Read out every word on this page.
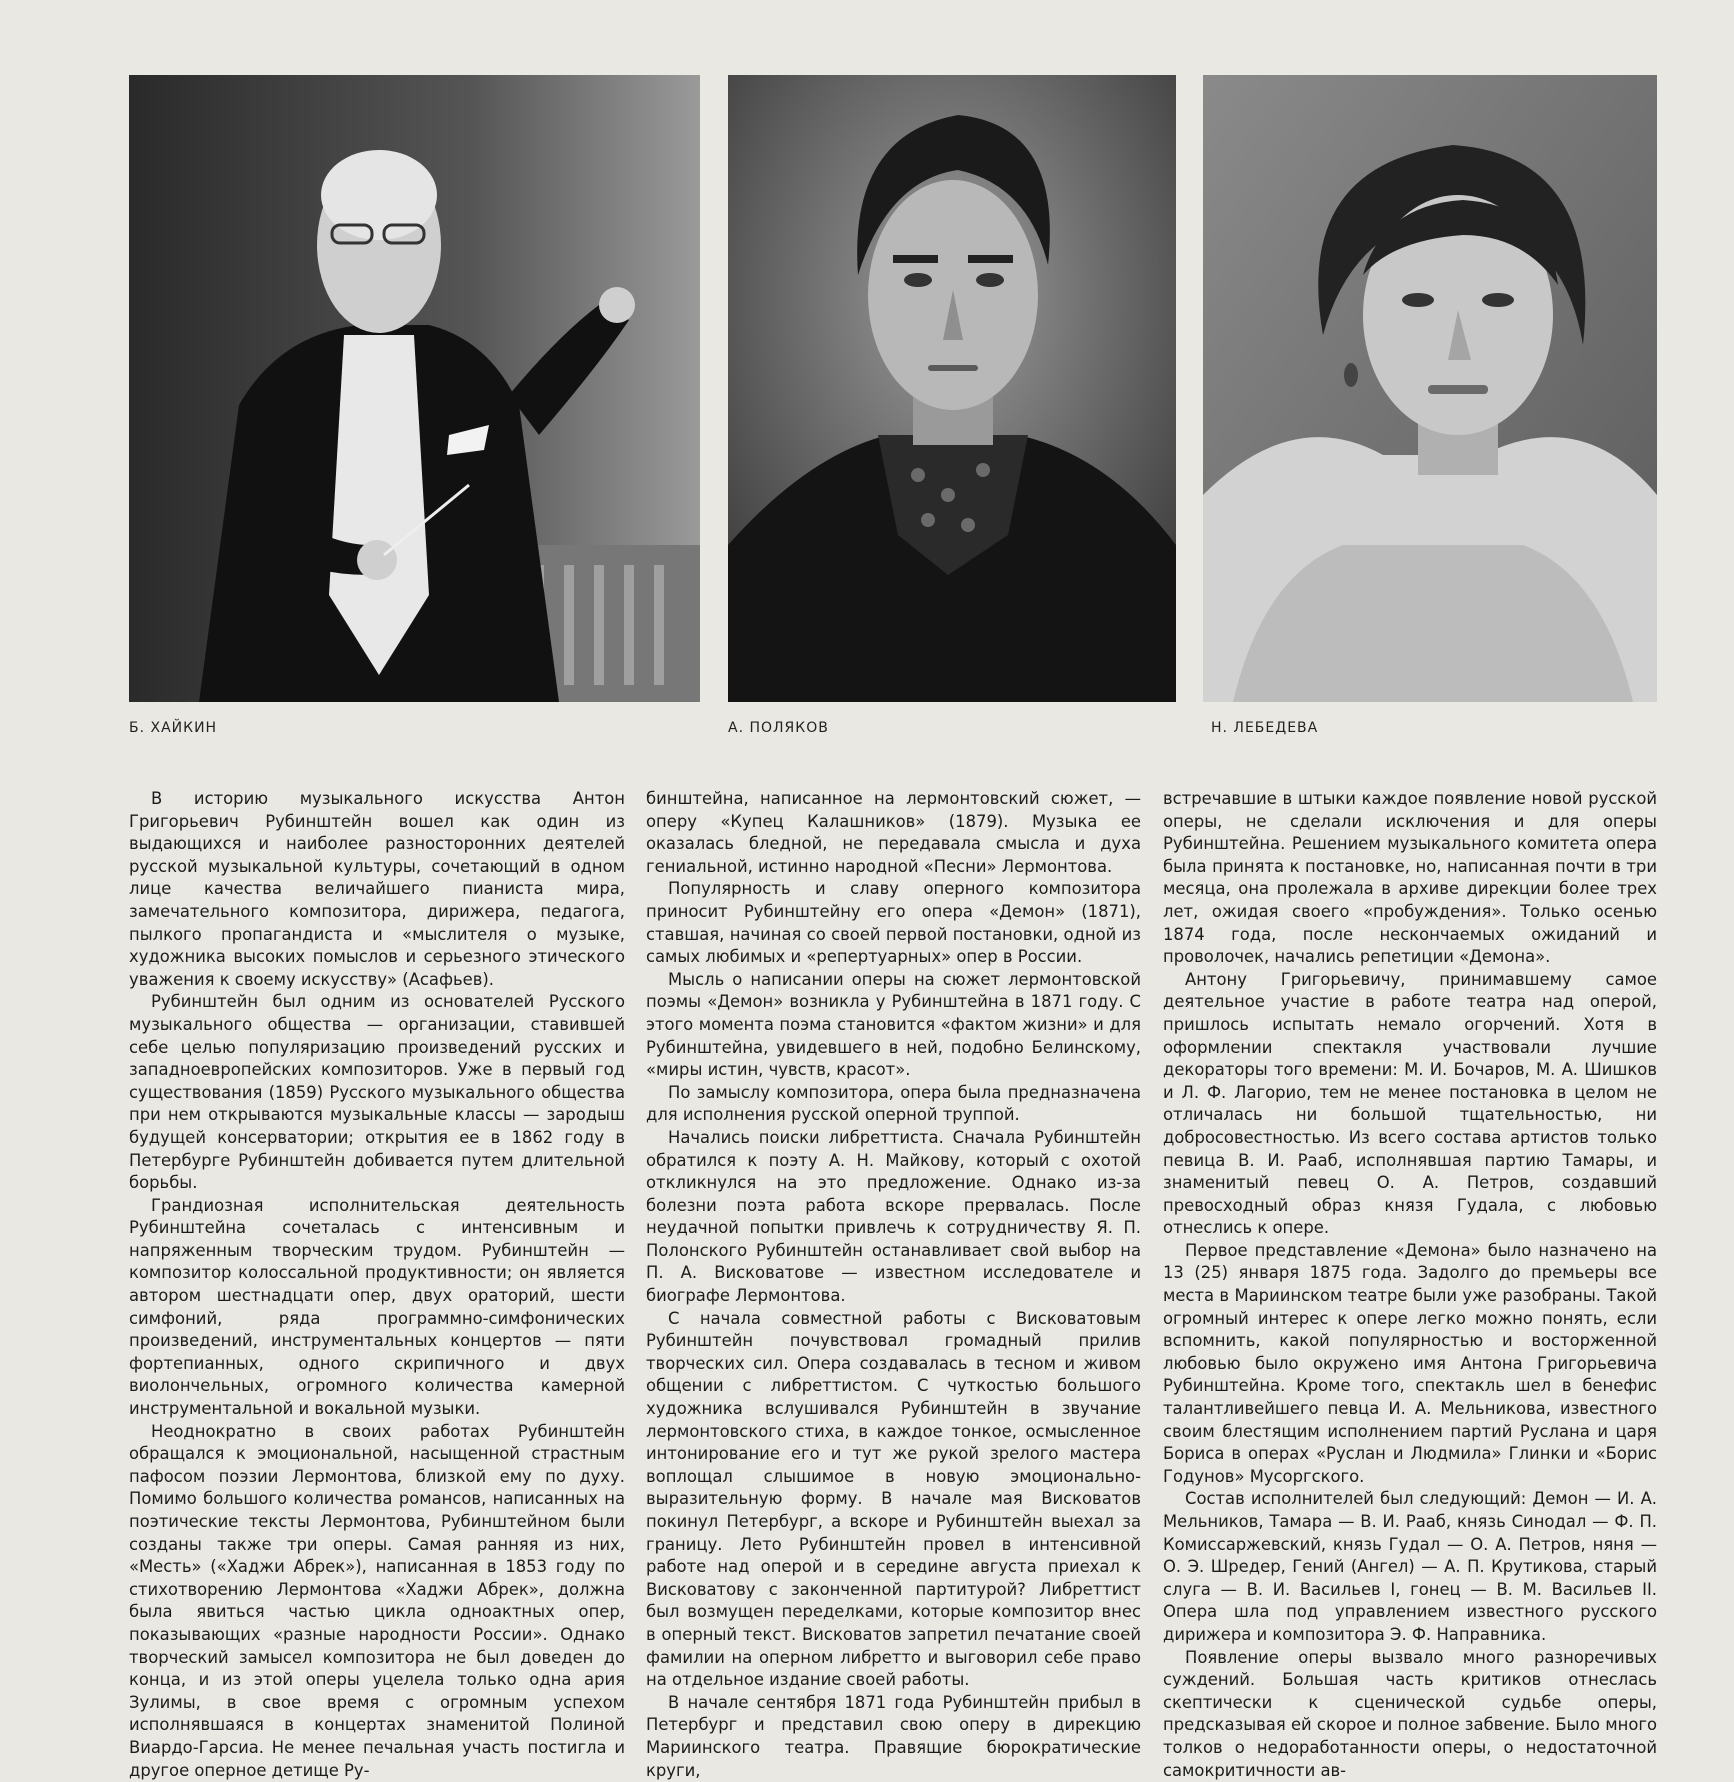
Б. ХАЙКИН	А. ПОЛЯКОВ	Н. ЛЕБЕДЕВА

В историю музыкального искусства Антон Григорьевич Рубинштейн вошел как один из выдающихся и наиболее разносторонних деятелей русской музыкальной культуры, сочетающий в одном лице качества величайшего пианиста мира, замечательного композитора, дирижера, педагога, пылкого пропагандиста и «мыслителя о музыке, художника высоких помыслов и серьезного этического уважения к своему искусству» (Асафьев).

Рубинштейн был одним из основателей Русского музыкального общества — организации, ставившей себе целью популяризацию произведений русских и западноевропейских композиторов. Уже в первый год существования (1859) Русского музыкального общества при нем открываются музыкальные классы — зародыш будущей консерватории; открытия ее в 1862 году в Петербурге Рубинштейн добивается путем длительной борьбы.

Грандиозная исполнительская деятельность Рубинштейна сочеталась с интенсивным и напряженным творческим трудом. Рубинштейн — композитор колоссальной продуктивности; он является автором шестнадцати опер, двух ораторий, шести симфоний, ряда программно-симфонических произведений, инструментальных концертов — пяти фортепианных, одного скрипичного и двух виолончельных, огромного количества камерной инструментальной и вокальной музыки.

Неоднократно в своих работах Рубинштейн обращался к эмоциональной, насыщенной страстным пафосом поэзии Лермонтова, близкой ему по духу. Помимо большого количества романсов, написанных на поэтические тексты Лермонтова, Рубинштейном были созданы также три оперы. Самая ранняя из них, «Месть» («Хаджи Абрек»), написанная в 1853 году по стихотворению Лермонтова «Хаджи Абрек», должна была явиться частью цикла одноактных опер, показывающих «разные народности России». Однако творческий замысел композитора не был доведен до конца, и из этой оперы уцелела только одна ария Зулимы, в свое время с огромным успехом исполнявшаяся в концертах знаменитой Полиной Виардо-Гарсиа. Не менее печальная участь постигла и другое оперное детище Ру-

бинштейна, написанное на лермонтовский сюжет, — оперу «Купец Калашников» (1879). Музыка ее оказалась бледной, не передавала смысла и духа гениальной, истинно народной «Песни» Лермонтова.

Популярность и славу оперного композитора приносит Рубинштейну его опера «Демон» (1871), ставшая, начиная со своей первой постановки, одной из самых любимых и «репертуарных» опер в России.

Мысль о написании оперы на сюжет лермонтовской поэмы «Демон» возникла у Рубинштейна в 1871 году. С этого момента поэма становится «фактом жизни» и для Рубинштейна, увидевшего в ней, подобно Белинскому, «миры истин, чувств, красот».

По замыслу композитора, опера была предназначена для исполнения русской оперной труппой.

Начались поиски либреттиста. Сначала Рубинштейн обратился к поэту А. Н. Майкову, который с охотой откликнулся на это предложение. Однако из-за болезни поэта работа вскоре прервалась. После неудачной попытки привлечь к сотрудничеству Я. П. Полонского Рубинштейн останавливает свой выбор на П. А. Висковатове — известном исследователе и биографе Лермонтова.

С начала совместной работы с Висковатовым Рубинштейн почувствовал громадный прилив творческих сил. Опера создавалась в тесном и живом общении с либреттистом. С чуткостью большого художника вслушивался Рубинштейн в звучание лермонтовского стиха, в каждое тонкое, осмысленное интонирование его и тут же рукой зрелого мастера воплощал слышимое в новую эмоционально-выразительную форму. В начале мая Висковатов покинул Петербург, а вскоре и Рубинштейн выехал за границу. Лето Рубинштейн провел в интенсивной работе над оперой и в середине августа приехал к Висковатову с законченной партитурой? Либреттист был возмущен переделками, которые композитор внес в оперный текст. Висковатов запретил печатание своей фамилии на оперном либретто и выговорил себе право на отдельное издание своей работы.

В начале сентября 1871 года Рубинштейн прибыл в Петербург и представил свою оперу в дирекцию Мариинского театра. Правящие бюрократические круги,

встречавшие в штыки каждое появление новой русской оперы, не сделали исключения и для оперы Рубинштейна. Решением музыкального комитета опера была принята к постановке, но, написанная почти в три месяца, она пролежала в архиве дирекции более трех лет, ожидая своего «пробуждения». Только осенью 1874 года, после нескончаемых ожиданий и проволочек, начались репетиции «Демона».

Антону Григорьевичу, принимавшему самое деятельное участие в работе театра над оперой, пришлось испытать немало огорчений. Хотя в оформлении спектакля участвовали лучшие декораторы того времени: М. И. Бочаров, М. А. Шишков и Л. Ф. Лагорио, тем не менее постановка в целом не отличалась ни большой тщательностью, ни добросовестностью. Из всего состава артистов только певица В. И. Рааб, исполнявшая партию Тамары, и знаменитый певец О. А. Петров, создавший превосходный образ князя Гудала, с любовью отнеслись к опере.

Первое представление «Демона» было назначено на 13 (25) января 1875 года. Задолго до премьеры все места в Мариинском театре были уже разобраны. Такой огромный интерес к опере легко можно понять, если вспомнить, какой популярностью и восторженной любовью было окружено имя Антона Григорьевича Рубинштейна. Кроме того, спектакль шел в бенефис талантливейшего певца И. А. Мельникова, известного своим блестящим исполнением партий Руслана и царя Бориса в операх «Руслан и Людмила» Глинки и «Борис Годунов» Мусоргского.

Состав исполнителей был следующий: Демон — И. А. Мельников, Тамара — В. И. Рааб, князь Синодал — Ф. П. Комиссаржевский, князь Гудал — О. А. Петров, няня — О. Э. Шредер, Гений (Ангел) — А. П. Крутикова, старый слуга — В. И. Васильев I, гонец — В. М. Васильев II. Опера шла под управлением известного русского дирижера и композитора Э. Ф. Направника.

Появление оперы вызвало много разноречивых суждений. Большая часть критиков отнеслась скептически к сценической судьбе оперы, предсказывая ей скорое и полное забвение. Было много толков о недоработанности оперы, о недостаточной самокритичности ав-
